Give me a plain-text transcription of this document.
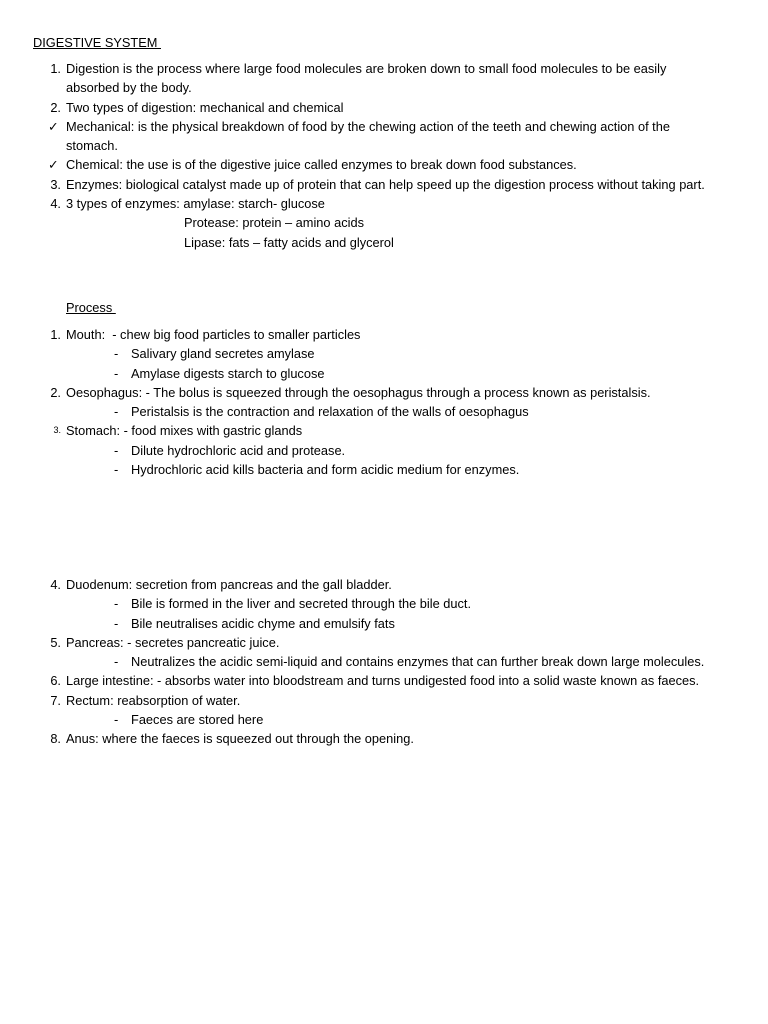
DIGESTIVE SYSTEM
1. Digestion is the process where large food molecules are broken down to small food molecules to be easily
absorbed by the body.
2. Two types of digestion: mechanical and chemical
✓ Mechanical: is the physical breakdown of food by the chewing action of the teeth and chewing action of the
stomach.
✓ Chemical: the use is of the digestive juice called enzymes to break down food substances.
3. Enzymes: biological catalyst made up of protein that can help speed up the digestion process without taking part.
4. 3 types of enzymes: amylase: starch- glucose
Protease: protein – amino acids
Lipase: fats – fatty acids and glycerol
Process
1. Mouth:  - chew big food particles to smaller particles
- Salivary gland secretes amylase
- Amylase digests starch to glucose
2. Oesophagus: - The bolus is squeezed through the oesophagus through a process known as peristalsis.
- Peristalsis is the contraction and relaxation of the walls of oesophagus
3. Stomach: - food mixes with gastric glands
- Dilute hydrochloric acid and protease.
- Hydrochloric acid kills bacteria and form acidic medium for enzymes.
4. Duodenum: secretion from pancreas and the gall bladder.
- Bile is formed in the liver and secreted through the bile duct.
- Bile neutralises acidic chyme and emulsify fats
5. Pancreas: - secretes pancreatic juice.
- Neutralizes the acidic semi-liquid and contains enzymes that can further break down large molecules.
6. Large intestine: - absorbs water into bloodstream and turns undigested food into a solid waste known as faeces.
7. Rectum: reabsorption of water.
- Faeces are stored here
8. Anus: where the faeces is squeezed out through the opening.
